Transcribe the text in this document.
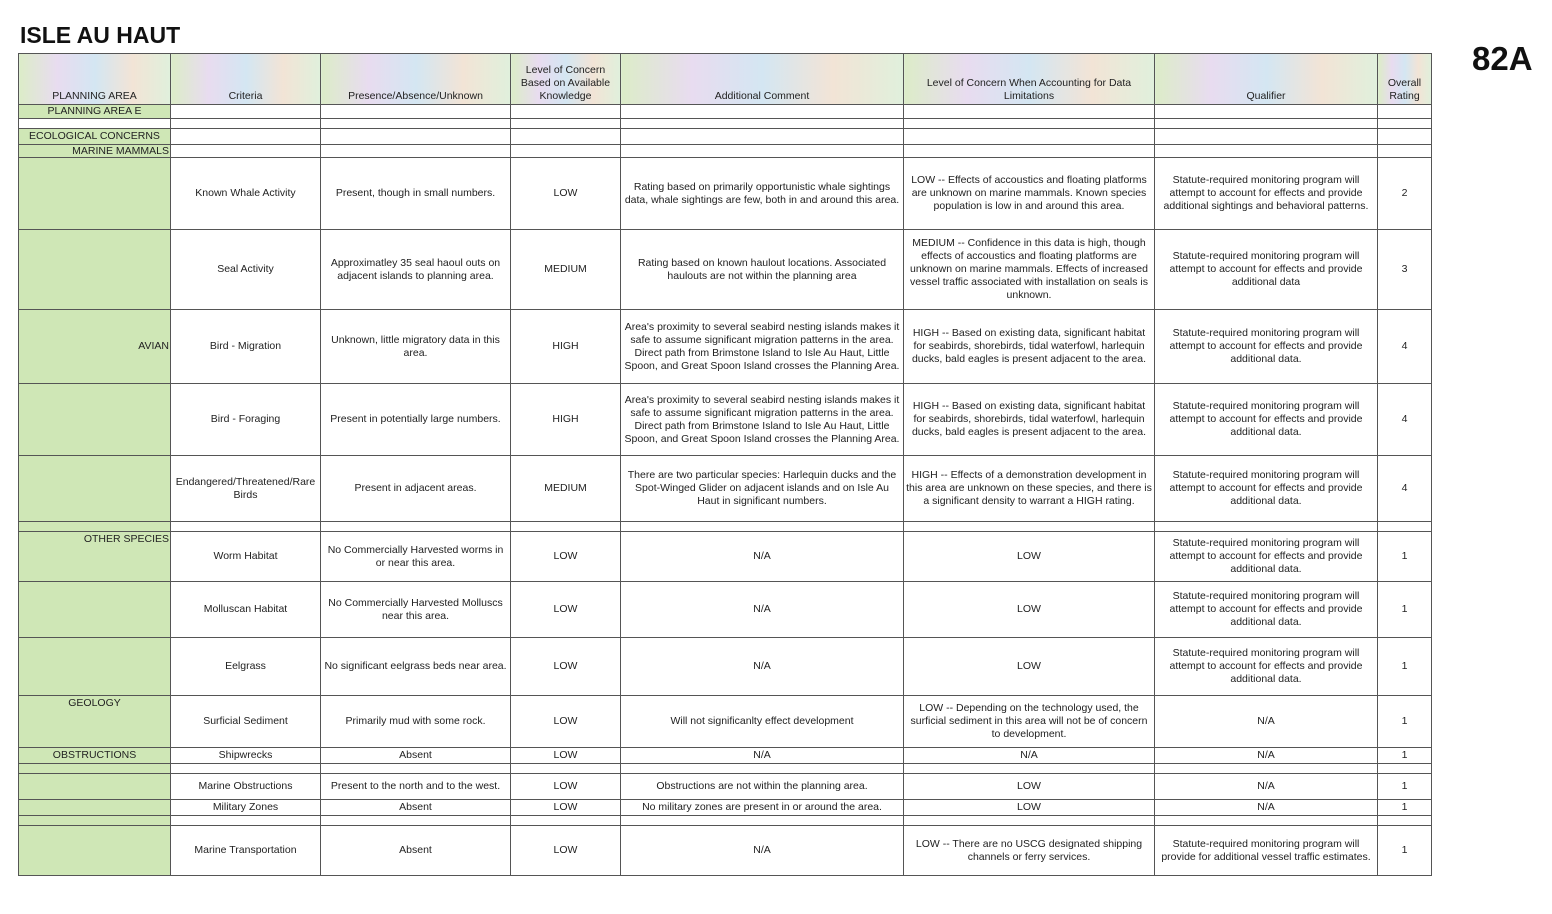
ISLE AU HAUT
82A
PLANNING AREA	Criteria	Presence/Absence/Unknown	Level of Concern Based on Available Knowledge	Additional Comment	Level of Concern When Accounting for Data Limitations	Qualifier	Overall Rating
PLANNING AREA E							

ECOLOGICAL CONCERNS							
MARINE MAMMALS							
	Known Whale Activity	Present, though in small numbers.	LOW	Rating based on primarily opportunistic whale sightings data, whale sightings are few, both in and around this area.	LOW -- Effects of accoustics and floating platforms are unknown on marine mammals. Known species population is low in and around this area.	Statute-required monitoring program will attempt to account for effects and provide additional sightings and behavioral patterns.	2
	Seal Activity	Approximatley 35 seal haoul outs on adjacent islands to planning area.	MEDIUM	Rating based on known haulout locations. Associated haulouts are not within the planning area	MEDIUM -- Confidence in this data is high, though effects of accoustics and floating platforms are unknown on marine mammals. Effects of increased vessel traffic associated with installation on seals is unknown.	Statute-required monitoring program will attempt to account for effects and provide additional data	3
AVIAN	Bird - Migration	Unknown, little migratory data in this area.	HIGH	Area's proximity to several seabird nesting islands makes it safe to assume significant migration patterns in the area. Direct path from Brimstone Island to Isle Au Haut, Little Spoon, and Great Spoon Island crosses the Planning Area.	HIGH -- Based on existing data, significant habitat for seabirds, shorebirds, tidal waterfowl, harlequin ducks, bald eagles is present adjacent to the area.	Statute-required monitoring program will attempt to account for effects and provide additional data.	4
	Bird - Foraging	Present in potentially large numbers.	HIGH	Area's proximity to several seabird nesting islands makes it safe to assume significant migration patterns in the area. Direct path from Brimstone Island to Isle Au Haut, Little Spoon, and Great Spoon Island crosses the Planning Area.	HIGH -- Based on existing data, significant habitat for seabirds, shorebirds, tidal waterfowl, harlequin ducks, bald eagles is present adjacent to the area.	Statute-required monitoring program will attempt to account for effects and provide additional data.	4
	Endangered/Threatened/Rare Birds	Present in adjacent areas.	MEDIUM	There are two particular species: Harlequin ducks and the Spot-Winged Glider on adjacent islands and on Isle Au Haut in significant numbers.	HIGH -- Effects of a demonstration development in this area are unknown on these species, and there is a significant density to warrant a HIGH rating.	Statute-required monitoring program will attempt to account for effects and provide additional data.	4

OTHER SPECIES	Worm Habitat	No Commercially Harvested worms in or near this area.	LOW	N/A	LOW	Statute-required monitoring program will attempt to account for effects and provide additional data.	1
	Molluscan Habitat	No Commercially Harvested Molluscs near this area.	LOW	N/A	LOW	Statute-required monitoring program will attempt to account for effects and provide additional data.	1
	Eelgrass	No significant eelgrass beds near area.	LOW	N/A	LOW	Statute-required monitoring program will attempt to account for effects and provide additional data.	1
GEOLOGY	Surficial Sediment	Primarily mud with some rock.	LOW	Will not significanlty effect development	LOW -- Depending on the technology used, the surficial sediment in this area will not be of concern to development.	N/A	1
OBSTRUCTIONS	Shipwrecks	Absent	LOW	N/A	N/A	N/A	1

	Marine Obstructions	Present to the north and to the west.	LOW	Obstructions are not within the planning area.	LOW	N/A	1
	Military Zones	Absent	LOW	No military zones are present in or around the area.	LOW	N/A	1

	Marine Transportation	Absent	LOW	N/A	LOW -- There are no USCG designated shipping channels or ferry services.	Statute-required monitoring program will provide for additional vessel traffic estimates.	1
